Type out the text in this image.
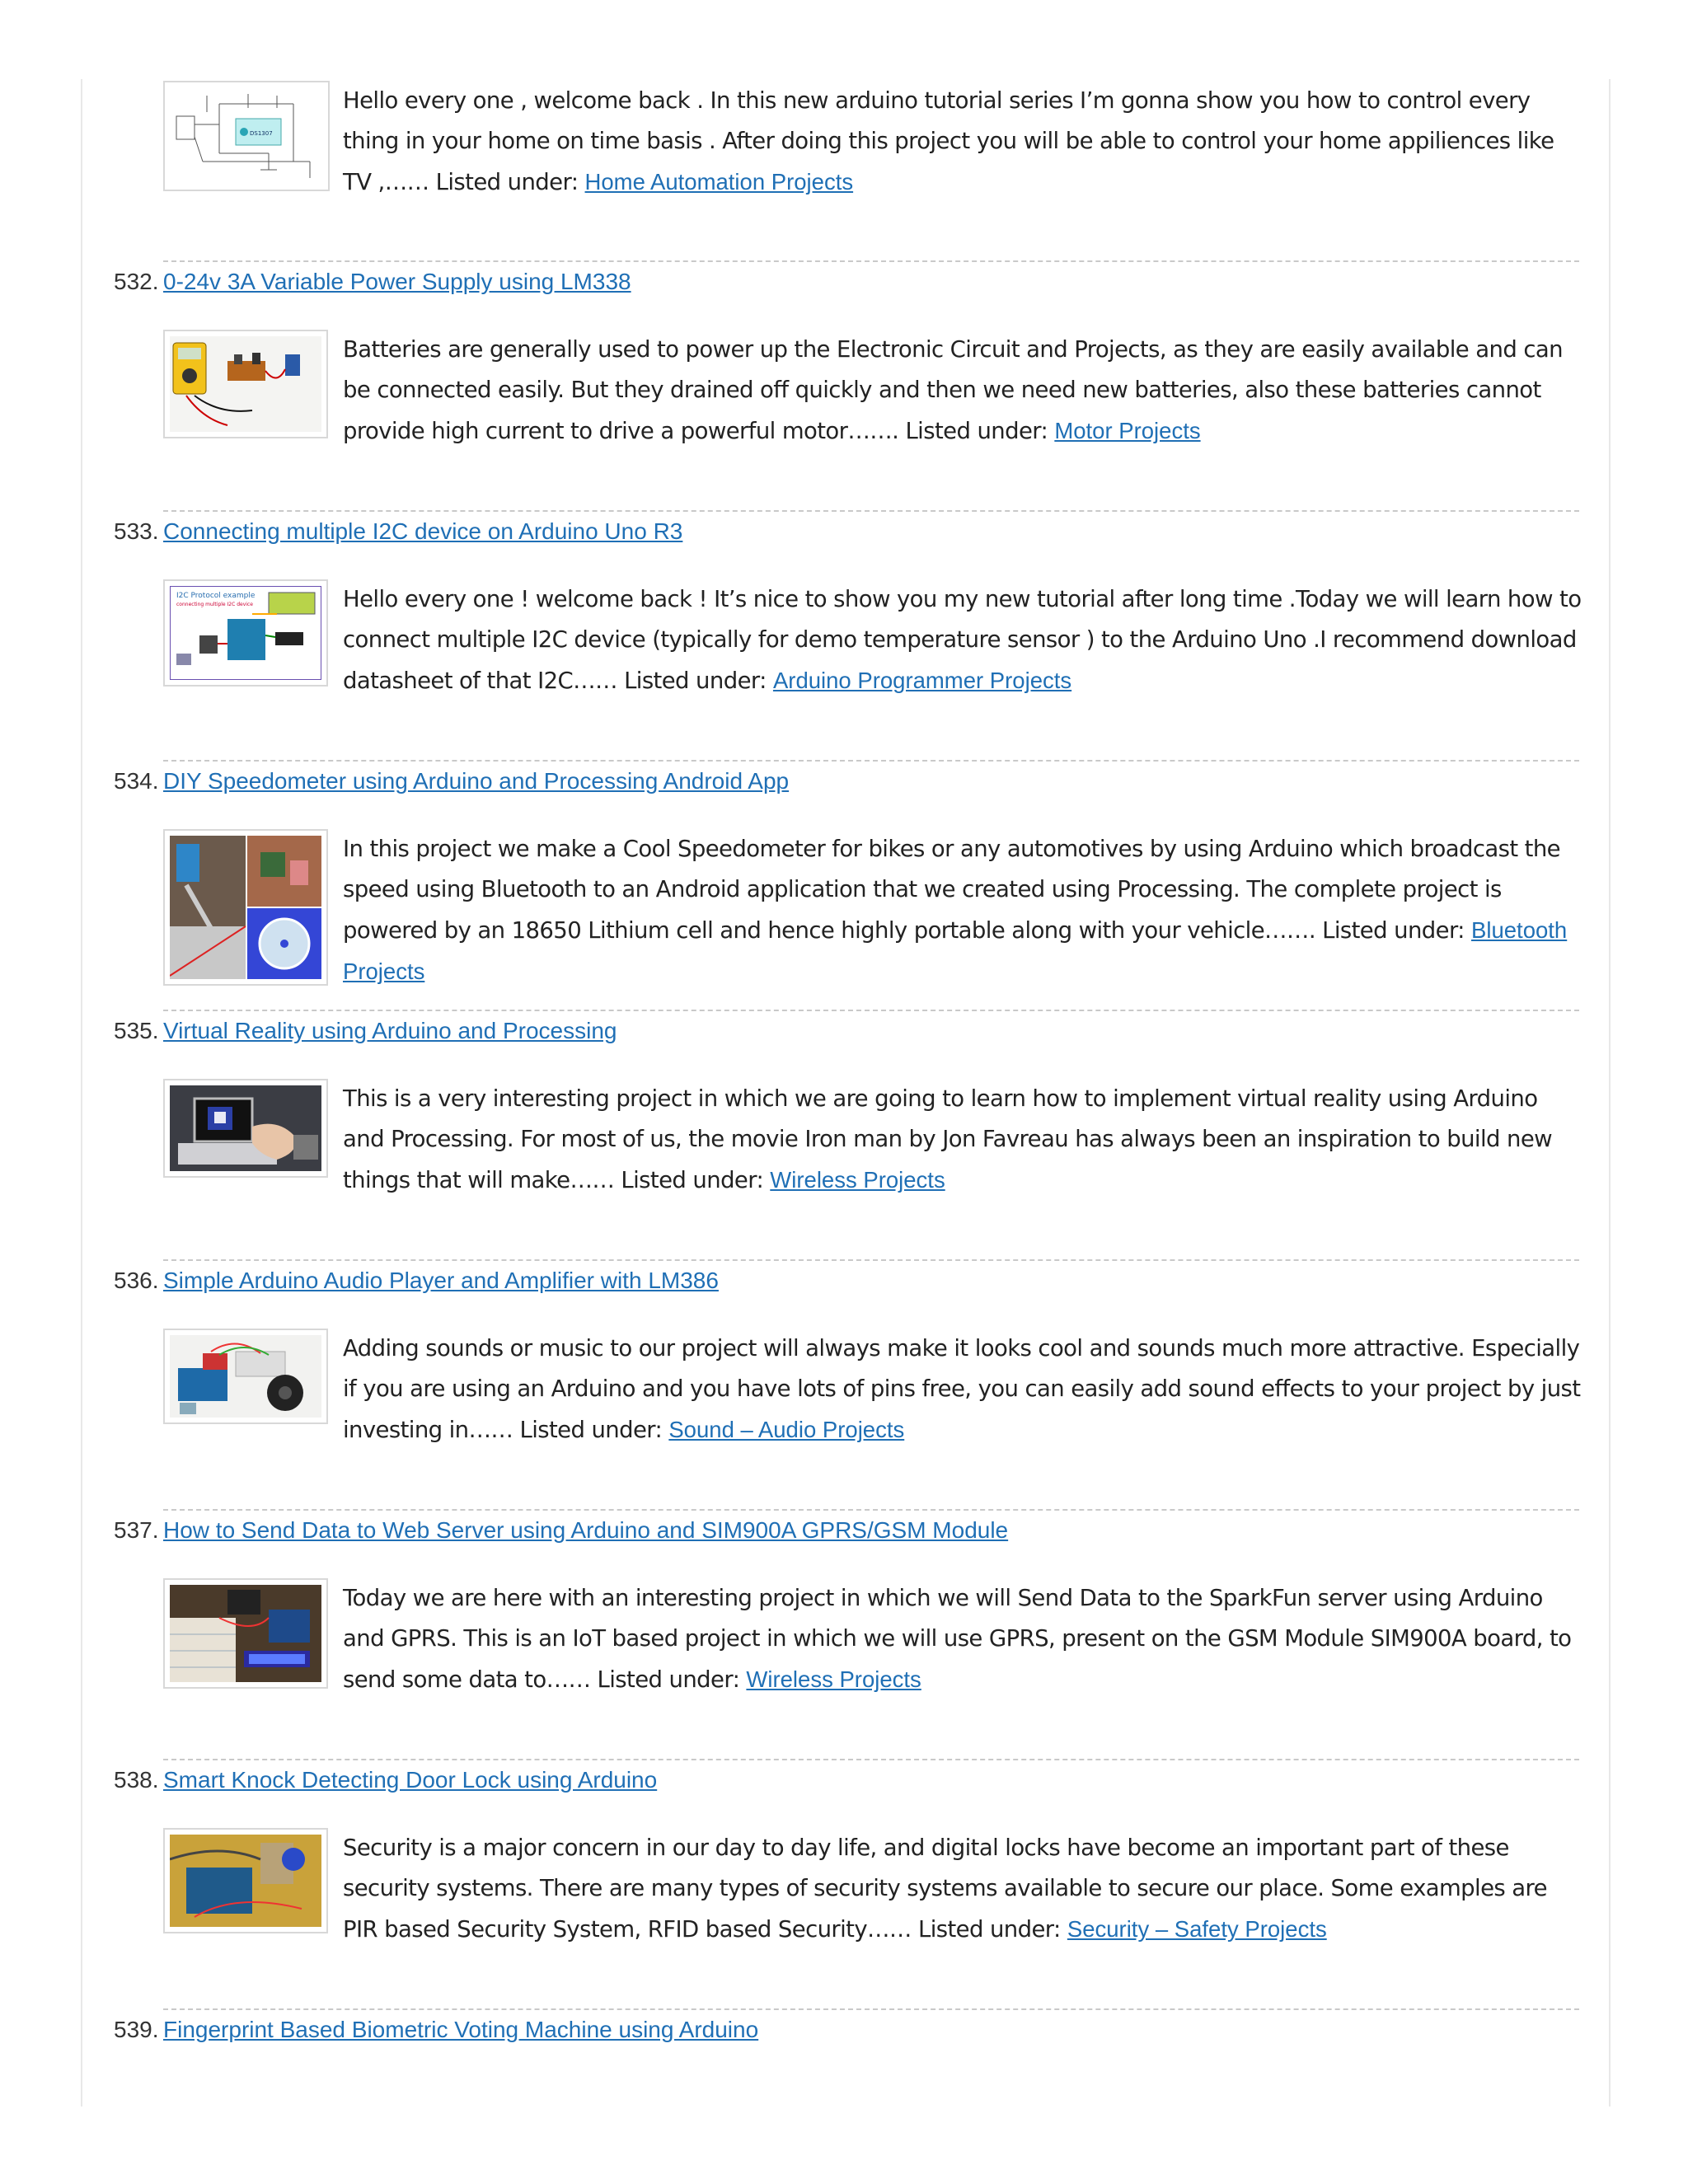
DS1307
Hello every one , welcome back . In this new arduino tutorial series I’m gonna show you how to control every thing in your home on time basis . After doing this project you will be able to control your home appiliences like TV ,…… Listed under: Home Automation Projects
532. 0-24v 3A Variable Power Supply using LM338
Batteries are generally used to power up the Electronic Circuit and Projects, as they are easily available and can be connected easily. But they drained off quickly and then we need new batteries, also these batteries cannot provide high current to drive a powerful motor……. Listed under: Motor Projects
533. Connecting multiple I2C device on Arduino Uno R3
I2C Protocol example
connecting multiple I2C device	Hello every one ! welcome back ! It’s nice to show you my new tutorial after long time .Today we will learn how to connect multiple I2C device (typically for demo temperature sensor ) to the Arduino Uno .I recommend download datasheet of that I2C…… Listed under: Arduino Programmer Projects
534. DIY Speedometer using Arduino and Processing Android App
In this project we make a Cool Speedometer for bikes or any automotives by using Arduino which broadcast the speed using Bluetooth to an Android application that we created using Processing. The complete project is powered by an 18650 Lithium cell and hence highly portable along with your vehicle……. Listed under: Bluetooth Projects
535. Virtual Reality using Arduino and Processing
This is a very interesting project in which we are going to learn how to implement virtual reality using Arduino and Processing. For most of us, the movie Iron man by Jon Favreau has always been an inspiration to build new things that will make…… Listed under: Wireless Projects
536. Simple Arduino Audio Player and Amplifier with LM386
Adding sounds or music to our project will always make it looks cool and sounds much more attractive. Especially if you are using an Arduino and you have lots of pins free, you can easily add sound effects to your project by just investing in…… Listed under: Sound – Audio Projects
537. How to Send Data to Web Server using Arduino and SIM900A GPRS/GSM Module
Today we are here with an interesting project in which we will Send Data to the SparkFun server using Arduino and GPRS. This is an IoT based project in which we will use GPRS, present on the GSM Module SIM900A board, to send some data to…… Listed under: Wireless Projects
538. Smart Knock Detecting Door Lock using Arduino
Security is a major concern in our day to day life, and digital locks have become an important part of these security systems. There are many types of security systems available to secure our place. Some examples are PIR based Security System, RFID based Security…… Listed under: Security – Safety Projects
539. Fingerprint Based Biometric Voting Machine using Arduino
